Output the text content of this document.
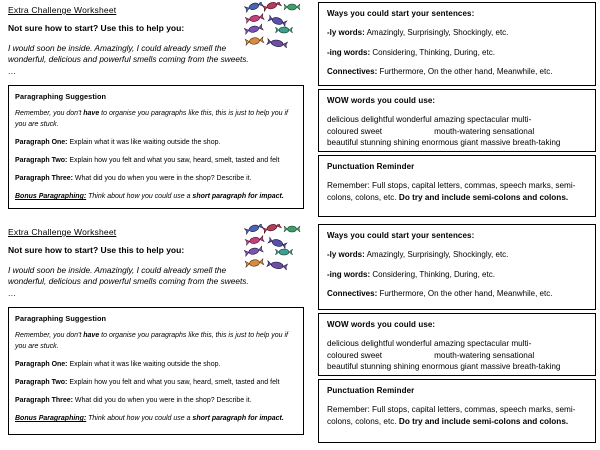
Extra Challenge Worksheet
Not sure how to start? Use this to help you:
I would soon be inside. Amazingly, I could already smell the wonderful, delicious and powerful smells coming from the sweets. …
Paragraphing Suggestion
Remember, you don't have to organise you paragraphs like this, this is just to help you if you are stuck.
Paragraph One: Explain what it was like waiting outside the shop.
Paragraph Two: Explain how you felt and what you saw, heard, smelt, tasted and felt
Paragraph Three: What did you do when you were in the shop? Describe it.
Bonus Paragraphing: Think about how you could use a short paragraph for impact.
Ways you could start your sentences:
-ly words: Amazingly, Surprisingly, Shockingly, etc.
-ing words: Considering, Thinking, During, etc.
Connectives: Furthermore, On the other hand, Meanwhile, etc.
WOW words you could use:
delicious delightful wonderful amazing spectacular multi-
coloured sweet	mouth-watering sensational
beautiful stunning shining enormous giant massive breath-taking
Punctuation Reminder
Remember: Full stops, capital letters, commas, speech marks, semi-colons, colons, etc. Do try and include semi-colons and colons.
Extra Challenge Worksheet
Not sure how to start? Use this to help you:
I would soon be inside. Amazingly, I could already smell the wonderful, delicious and powerful smells coming from the sweets. …
Paragraphing Suggestion
Remember, you don't have to organise you paragraphs like this, this is just to help you if you are stuck.
Paragraph One: Explain what it was like waiting outside the shop.
Paragraph Two: Explain how you felt and what you saw, heard, smelt, tasted and felt
Paragraph Three: What did you do when you were in the shop? Describe it.
Bonus Paragraphing: Think about how you could use a short paragraph for impact.
Ways you could start your sentences:
-ly words: Amazingly, Surprisingly, Shockingly, etc.
-ing words: Considering, Thinking, During, etc.
Connectives: Furthermore, On the other hand, Meanwhile, etc.
WOW words you could use:
delicious delightful wonderful amazing spectacular multi-
coloured sweet	mouth-watering sensational
beautiful stunning shining enormous giant massive breath-taking
Punctuation Reminder
Remember: Full stops, capital letters, commas, speech marks, semi-colons, colons, etc. Do try and include semi-colons and colons.
